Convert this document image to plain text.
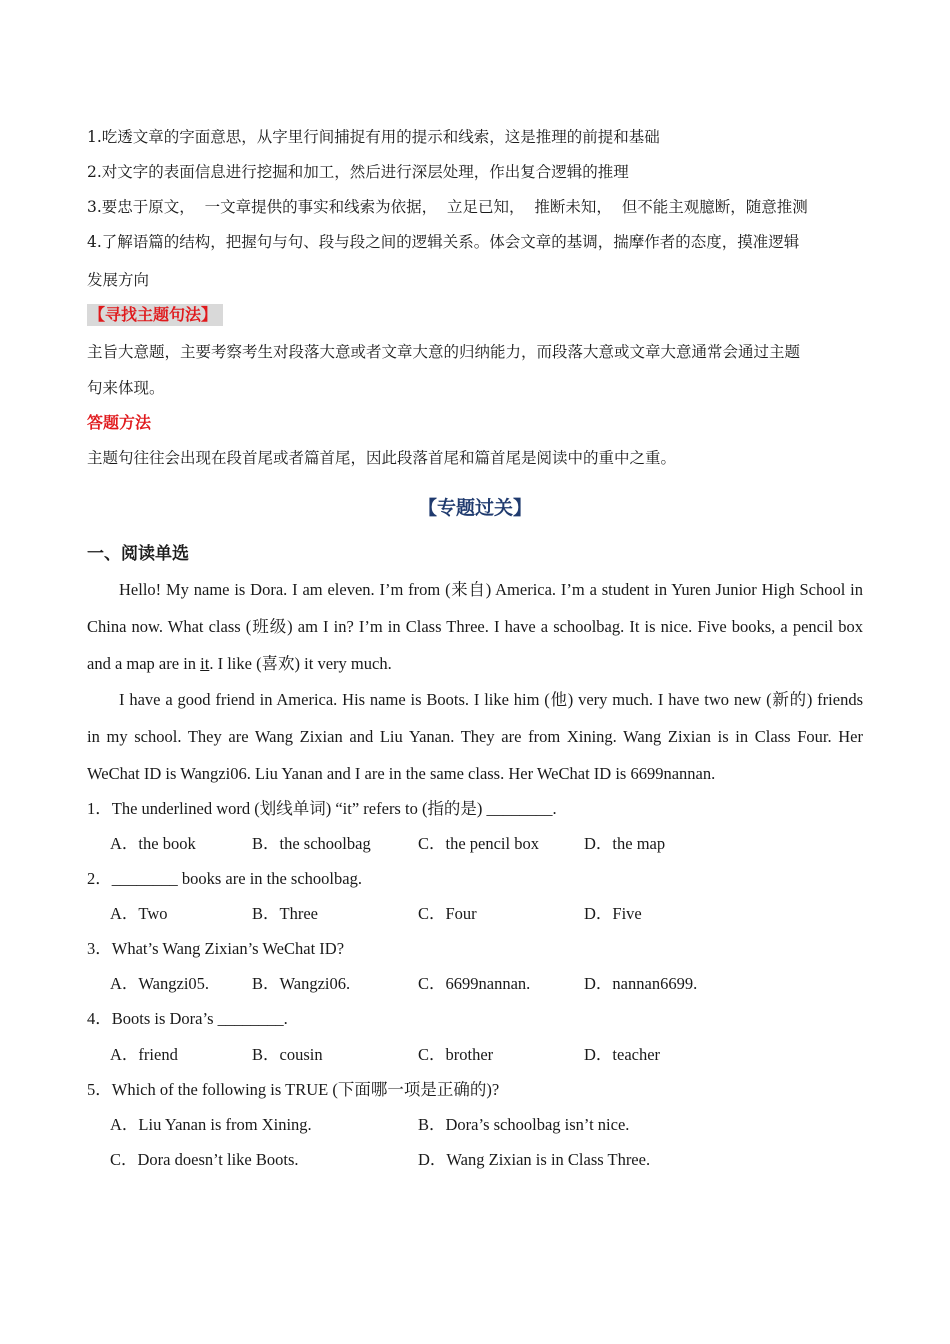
1.吃透文章的字面意思，从字里行间捕捉有用的提示和线索，这是推理的前提和基础
2.对文字的表面信息进行挖掘和加工，然后进行深层处理，作出复合逻辑的推理
3.要忠于原文，  一文章提供的事实和线索为依据，  立足已知，  推断未知，  但不能主观臆断，随意推测
4.了解语篇的结构，把握句与句、段与段之间的逻辑关系。体会文章的基调，揣摩作者的态度，摸准逻辑
发展方向
【寻找主题句法】
主旨大意题，主要考察考生对段落大意或者文章大意的归纳能力，而段落大意或文章大意通常会通过主题
句来体现。
答题方法
主题句往往会出现在段首尾或者篇首尾，因此段落首尾和篇首尾是阅读中的重中之重。
【专题过关】
一、阅读单选
Hello! My name is Dora. I am eleven. I’m from (来自) America. I’m a student in Yuren Junior High School in
China now. What class (班级) am I in? I’m in Class Three. I have a schoolbag. It is nice. Five books, a pencil box
and a map are in it. I like (喜欢) it very much.
I have a good friend in America. His name is Boots. I like him (他) very much. I have two new (新的) friends
in my school. They are Wang Zixian and Liu Yanan. They are from Xining. Wang Zixian is in Class Four. Her
WeChat ID is Wangzi06. Liu Yanan and I are in the same class. Her WeChat ID is 6699nannan.
1．The underlined word (划线单词) “it” refers to (指的是) ________.
A．the book	B．the schoolbag	C．the pencil box	D．the map
2．________ books are in the schoolbag.
A．Two	B．Three	C．Four	D．Five
3．What’s Wang Zixian’s WeChat ID?
A．Wangzi05.	B．Wangzi06.	C．6699nannan.	D．nannan6699.
4．Boots is Dora’s ________.
A．friend	B．cousin	C．brother	D．teacher
5．Which of the following is TRUE (下面哪一项是正确的)?
A．Liu Yanan is from Xining.	B．Dora’s schoolbag isn’t nice.
C．Dora doesn’t like Boots.	D．Wang Zixian is in Class Three.
